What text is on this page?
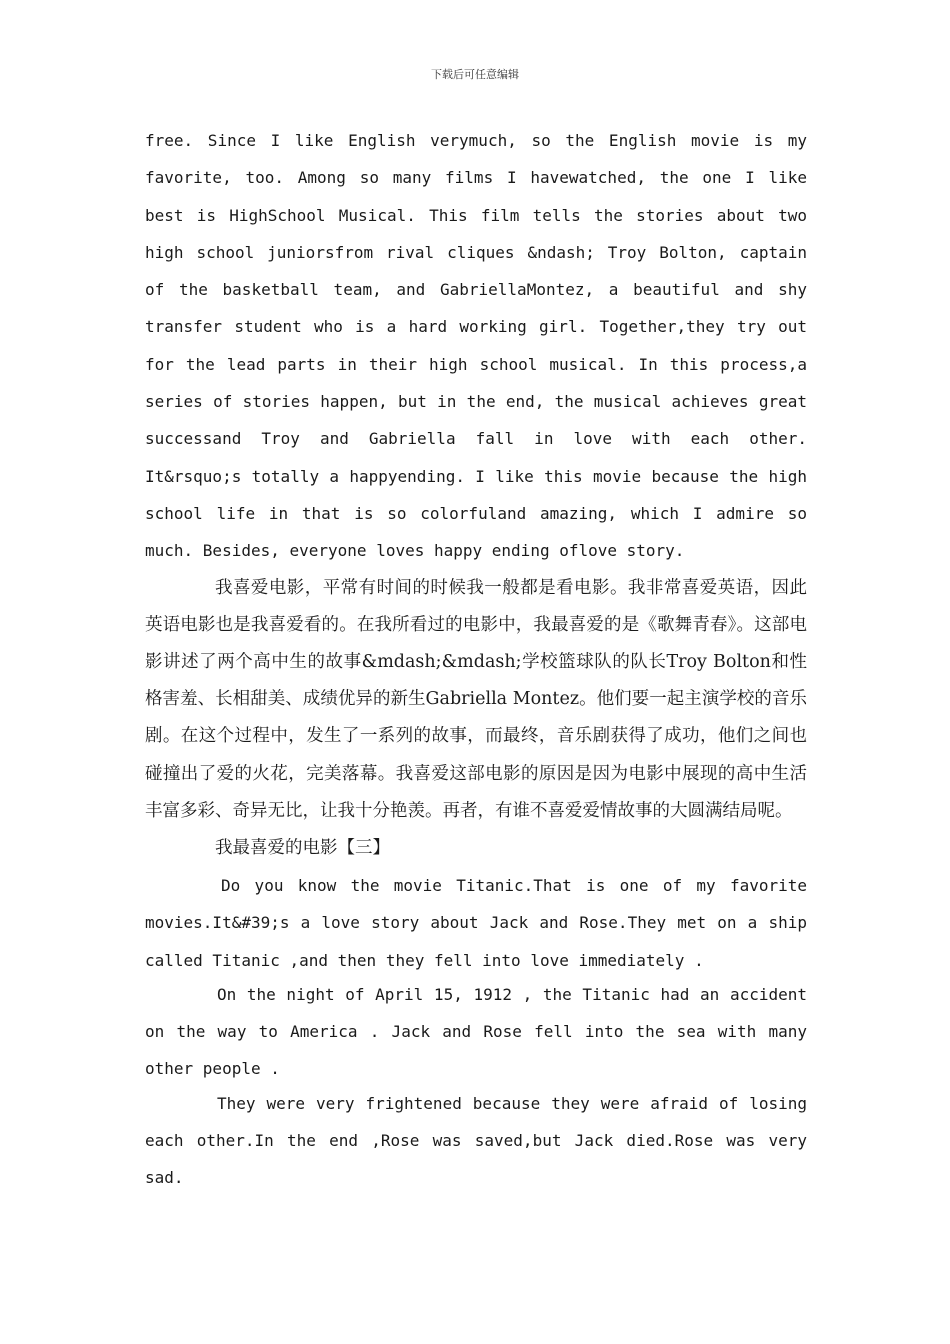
下载后可任意编辑

free. Since I like English verymuch, so the English movie is my favorite, too. Among so many films I havewatched, the one I like best is HighSchool Musical. This film tells the stories about two high school juniorsfrom rival cliques &ndash; Troy Bolton, captain of the basketball team, and GabriellaMontez, a beautiful and shy transfer student who is a hard working girl. Together,they try out for the lead parts in their high school musical. In this process,a series of stories happen, but in the end, the musical achieves great successand Troy and Gabriella fall in love with each other. It&rsquo;s totally a happyending. I like this movie because the high school life in that is so colorfuland amazing, which I admire so much. Besides, everyone loves happy ending oflove story.

我喜爱电影，平常有时间的时候我一般都是看电影。我非常喜爱英语，因此英语电影也是我喜爱看的。在我所看过的电影中，我最喜爱的是《歌舞青春》。这部电影讲述了两个高中生的故事&mdash;&mdash;学校篮球队的队长Troy Bolton和性格害羞、长相甜美、成绩优异的新生Gabriella Montez。他们要一起主演学校的音乐剧。在这个过程中，发生了一系列的故事，而最终，音乐剧获得了成功，他们之间也碰撞出了爱的火花，完美落幕。我喜爱这部电影的原因是因为电影中展现的高中生活丰富多彩、奇异无比，让我十分艳羡。再者，有谁不喜爱爱情故事的大圆满结局呢。

我最喜爱的电影【三】

Do you know the movie Titanic.That is one of my favorite movies.It&#39;s a love story about Jack and Rose.They met on a ship called Titanic ,and then they fell into love immediately .

On the night of April 15, 1912 , the Titanic had an accident on the way to America . Jack and Rose fell into the sea with many other people .

They were very frightened because they were afraid of losing each other.In the end ,Rose was saved,but Jack died.Rose was very sad.
